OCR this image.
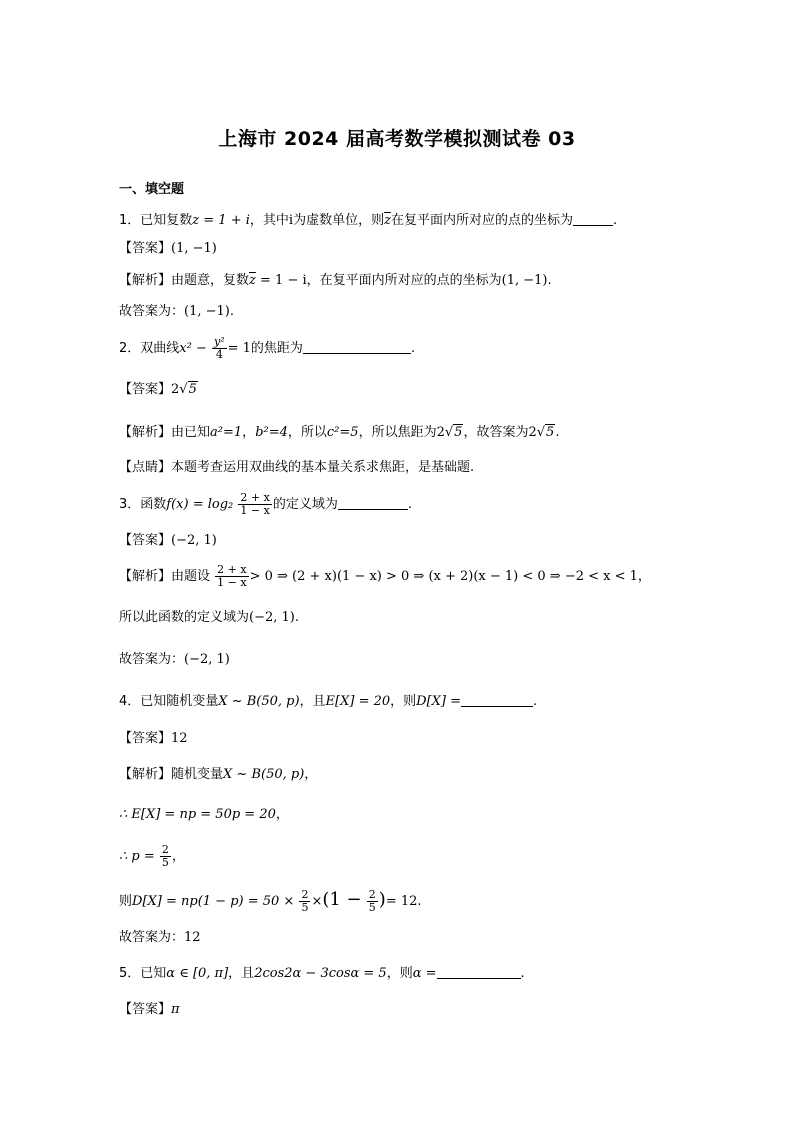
上海市 2024 届高考数学模拟测试卷 03
一、填空题
1．已知复数z = 1 + i，其中i为虚数单位，则$\overline{z}$在复平面内所对应的点的坐标为	.
【答案】(1, −1)
【解析】由题意，复数$\overline{z} = 1 - i$，在复平面内所对应的点的坐标为(1, −1).
故答案为：(1, −1).
2．双曲线$x^2 - \frac{\text{y²}}{4} = 1$的焦距为	.
【答案】2√5
【解析】由已知a²=1，b²=4，所以c²=5，所以焦距为2√5，故答案为2√5.
【点睛】本题考查运用双曲线的基本量关系求焦距，是基础题.
3．函数$f(x) = \log_2 \frac{2 + x}{1 - x}$ 的定义域为	.
【答案】(−2, 1)
【解析】由题设 $\frac{2 + x}{1 - x} > 0$ ⇒ (2 + x)(1 − x) > 0 ⇒ (x + 2)(x − 1) < 0 ⇒ −2 < x < 1，
所以此函数的定义域为(−2, 1).
故答案为：(−2, 1)
4．已知随机变量X ~ B(50, p)，且E[X] = 20，则D[X] =	.
【答案】12
【解析】随机变量X ~ B(50, p)，
∴ E[X] = np = 50p = 20，
∴ $p = \frac{2}{5}$ ，
则$D[X] = np(1 - p) = 50 \times \frac{2}{5} \times(1 - \frac{2}{5}$ )= 12.
故答案为：12
5．已知α ∈ [0, π]，且2cos2α − 3cosα = 5，则α =	.
【答案】π
